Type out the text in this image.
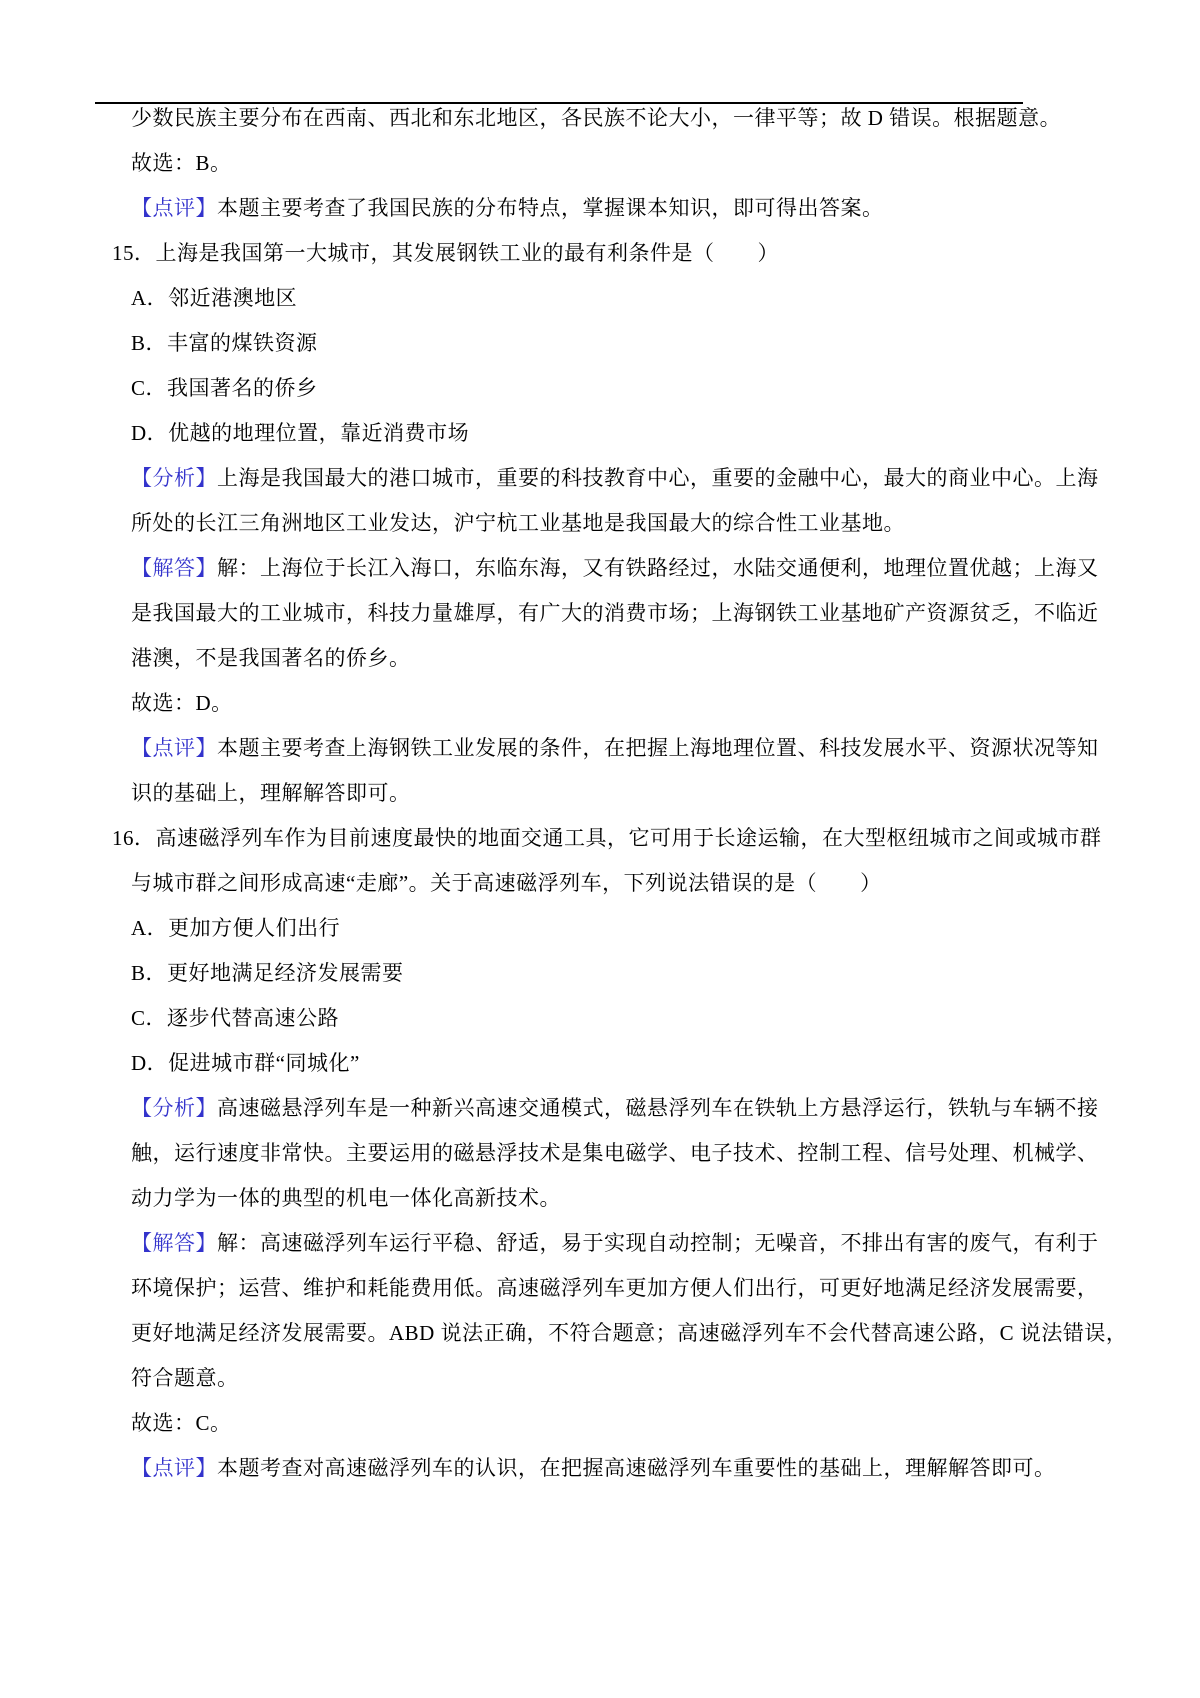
少数民族主要分布在西南、西北和东北地区，各民族不论大小，一律平等；故 D 错误。根据题意。
故选：B。
【点评】本题主要考查了我国民族的分布特点，掌握课本知识，即可得出答案。
15．上海是我国第一大城市，其发展钢铁工业的最有利条件是（　　）
A．邻近港澳地区
B．丰富的煤铁资源
C．我国著名的侨乡
D．优越的地理位置，靠近消费市场
【分析】上海是我国最大的港口城市，重要的科技教育中心，重要的金融中心，最大的商业中心。上海
所处的长江三角洲地区工业发达，沪宁杭工业基地是我国最大的综合性工业基地。
【解答】解：上海位于长江入海口，东临东海，又有铁路经过，水陆交通便利，地理位置优越；上海又
是我国最大的工业城市，科技力量雄厚，有广大的消费市场；上海钢铁工业基地矿产资源贫乏，不临近
港澳，不是我国著名的侨乡。
故选：D。
【点评】本题主要考查上海钢铁工业发展的条件，在把握上海地理位置、科技发展水平、资源状况等知
识的基础上，理解解答即可。
16．高速磁浮列车作为目前速度最快的地面交通工具，它可用于长途运输，在大型枢纽城市之间或城市群
与城市群之间形成高速“走廊”。关于高速磁浮列车，下列说法错误的是（　　）
A．更加方便人们出行
B．更好地满足经济发展需要
C．逐步代替高速公路
D．促进城市群“同城化”
【分析】高速磁悬浮列车是一种新兴高速交通模式，磁悬浮列车在铁轨上方悬浮运行，铁轨与车辆不接
触，运行速度非常快。主要运用的磁悬浮技术是集电磁学、电子技术、控制工程、信号处理、机械学、
动力学为一体的典型的机电一体化高新技术。
【解答】解：高速磁浮列车运行平稳、舒适，易于实现自动控制；无噪音，不排出有害的废气，有利于
环境保护；运营、维护和耗能费用低。高速磁浮列车更加方便人们出行，可更好地满足经济发展需要，
更好地满足经济发展需要。ABD 说法正确，不符合题意；高速磁浮列车不会代替高速公路，C 说法错误，
符合题意。
故选：C。
【点评】本题考查对高速磁浮列车的认识，在把握高速磁浮列车重要性的基础上，理解解答即可。
